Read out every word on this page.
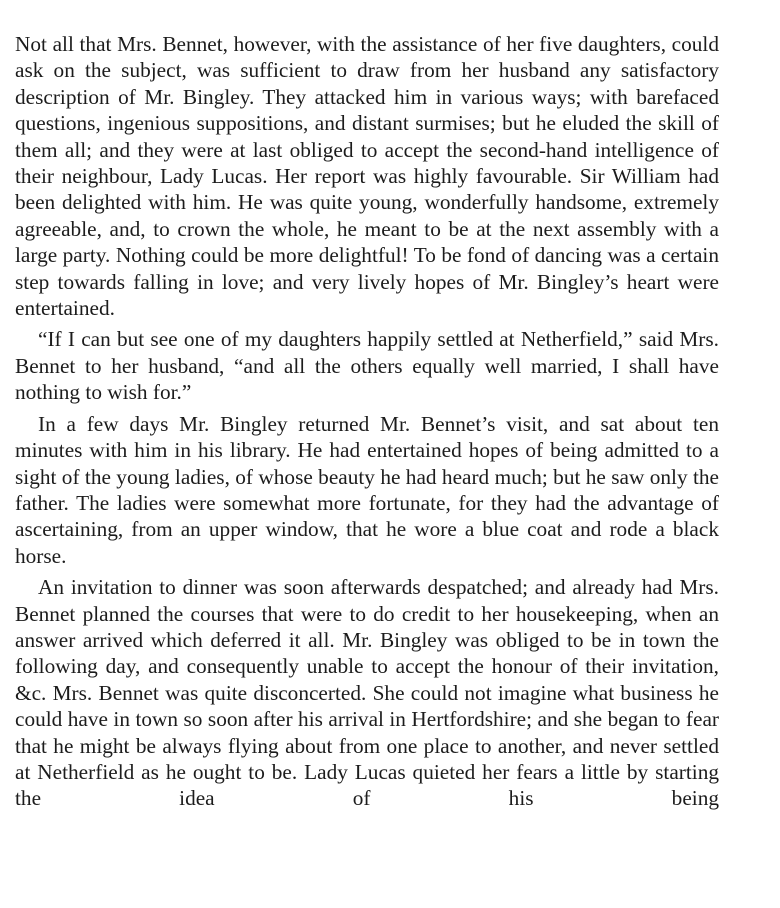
Not all that Mrs. Bennet, however, with the assistance of her five daughters, could ask on the subject, was sufficient to draw from her husband any satisfactory description of Mr. Bingley. They attacked him in various ways; with barefaced questions, ingenious suppositions, and distant surmises; but he eluded the skill of them all; and they were at last obliged to accept the second-hand intelligence of their neighbour, Lady Lucas. Her report was highly favourable. Sir William had been delighted with him. He was quite young, wonderfully handsome, extremely agreeable, and, to crown the whole, he meant to be at the next assembly with a large party. Nothing could be more delightful! To be fond of dancing was a certain step towards falling in love; and very lively hopes of Mr. Bingley’s heart were entertained.

“If I can but see one of my daughters happily settled at Netherfield,” said Mrs. Bennet to her husband, “and all the others equally well married, I shall have nothing to wish for.”

In a few days Mr. Bingley returned Mr. Bennet’s visit, and sat about ten minutes with him in his library. He had entertained hopes of being admitted to a sight of the young ladies, of whose beauty he had heard much; but he saw only the father. The ladies were somewhat more fortunate, for they had the advantage of ascertaining, from an upper window, that he wore a blue coat and rode a black horse.

An invitation to dinner was soon afterwards despatched; and already had Mrs. Bennet planned the courses that were to do credit to her housekeeping, when an answer arrived which deferred it all. Mr. Bingley was obliged to be in town the following day, and consequently unable to accept the honour of their invitation, &c. Mrs. Bennet was quite disconcerted. She could not imagine what business he could have in town so soon after his arrival in Hertfordshire; and she began to fear that he might be always flying about from one place to another, and never settled at Netherfield as he ought to be. Lady Lucas quieted her fears a little by starting the idea of his being
